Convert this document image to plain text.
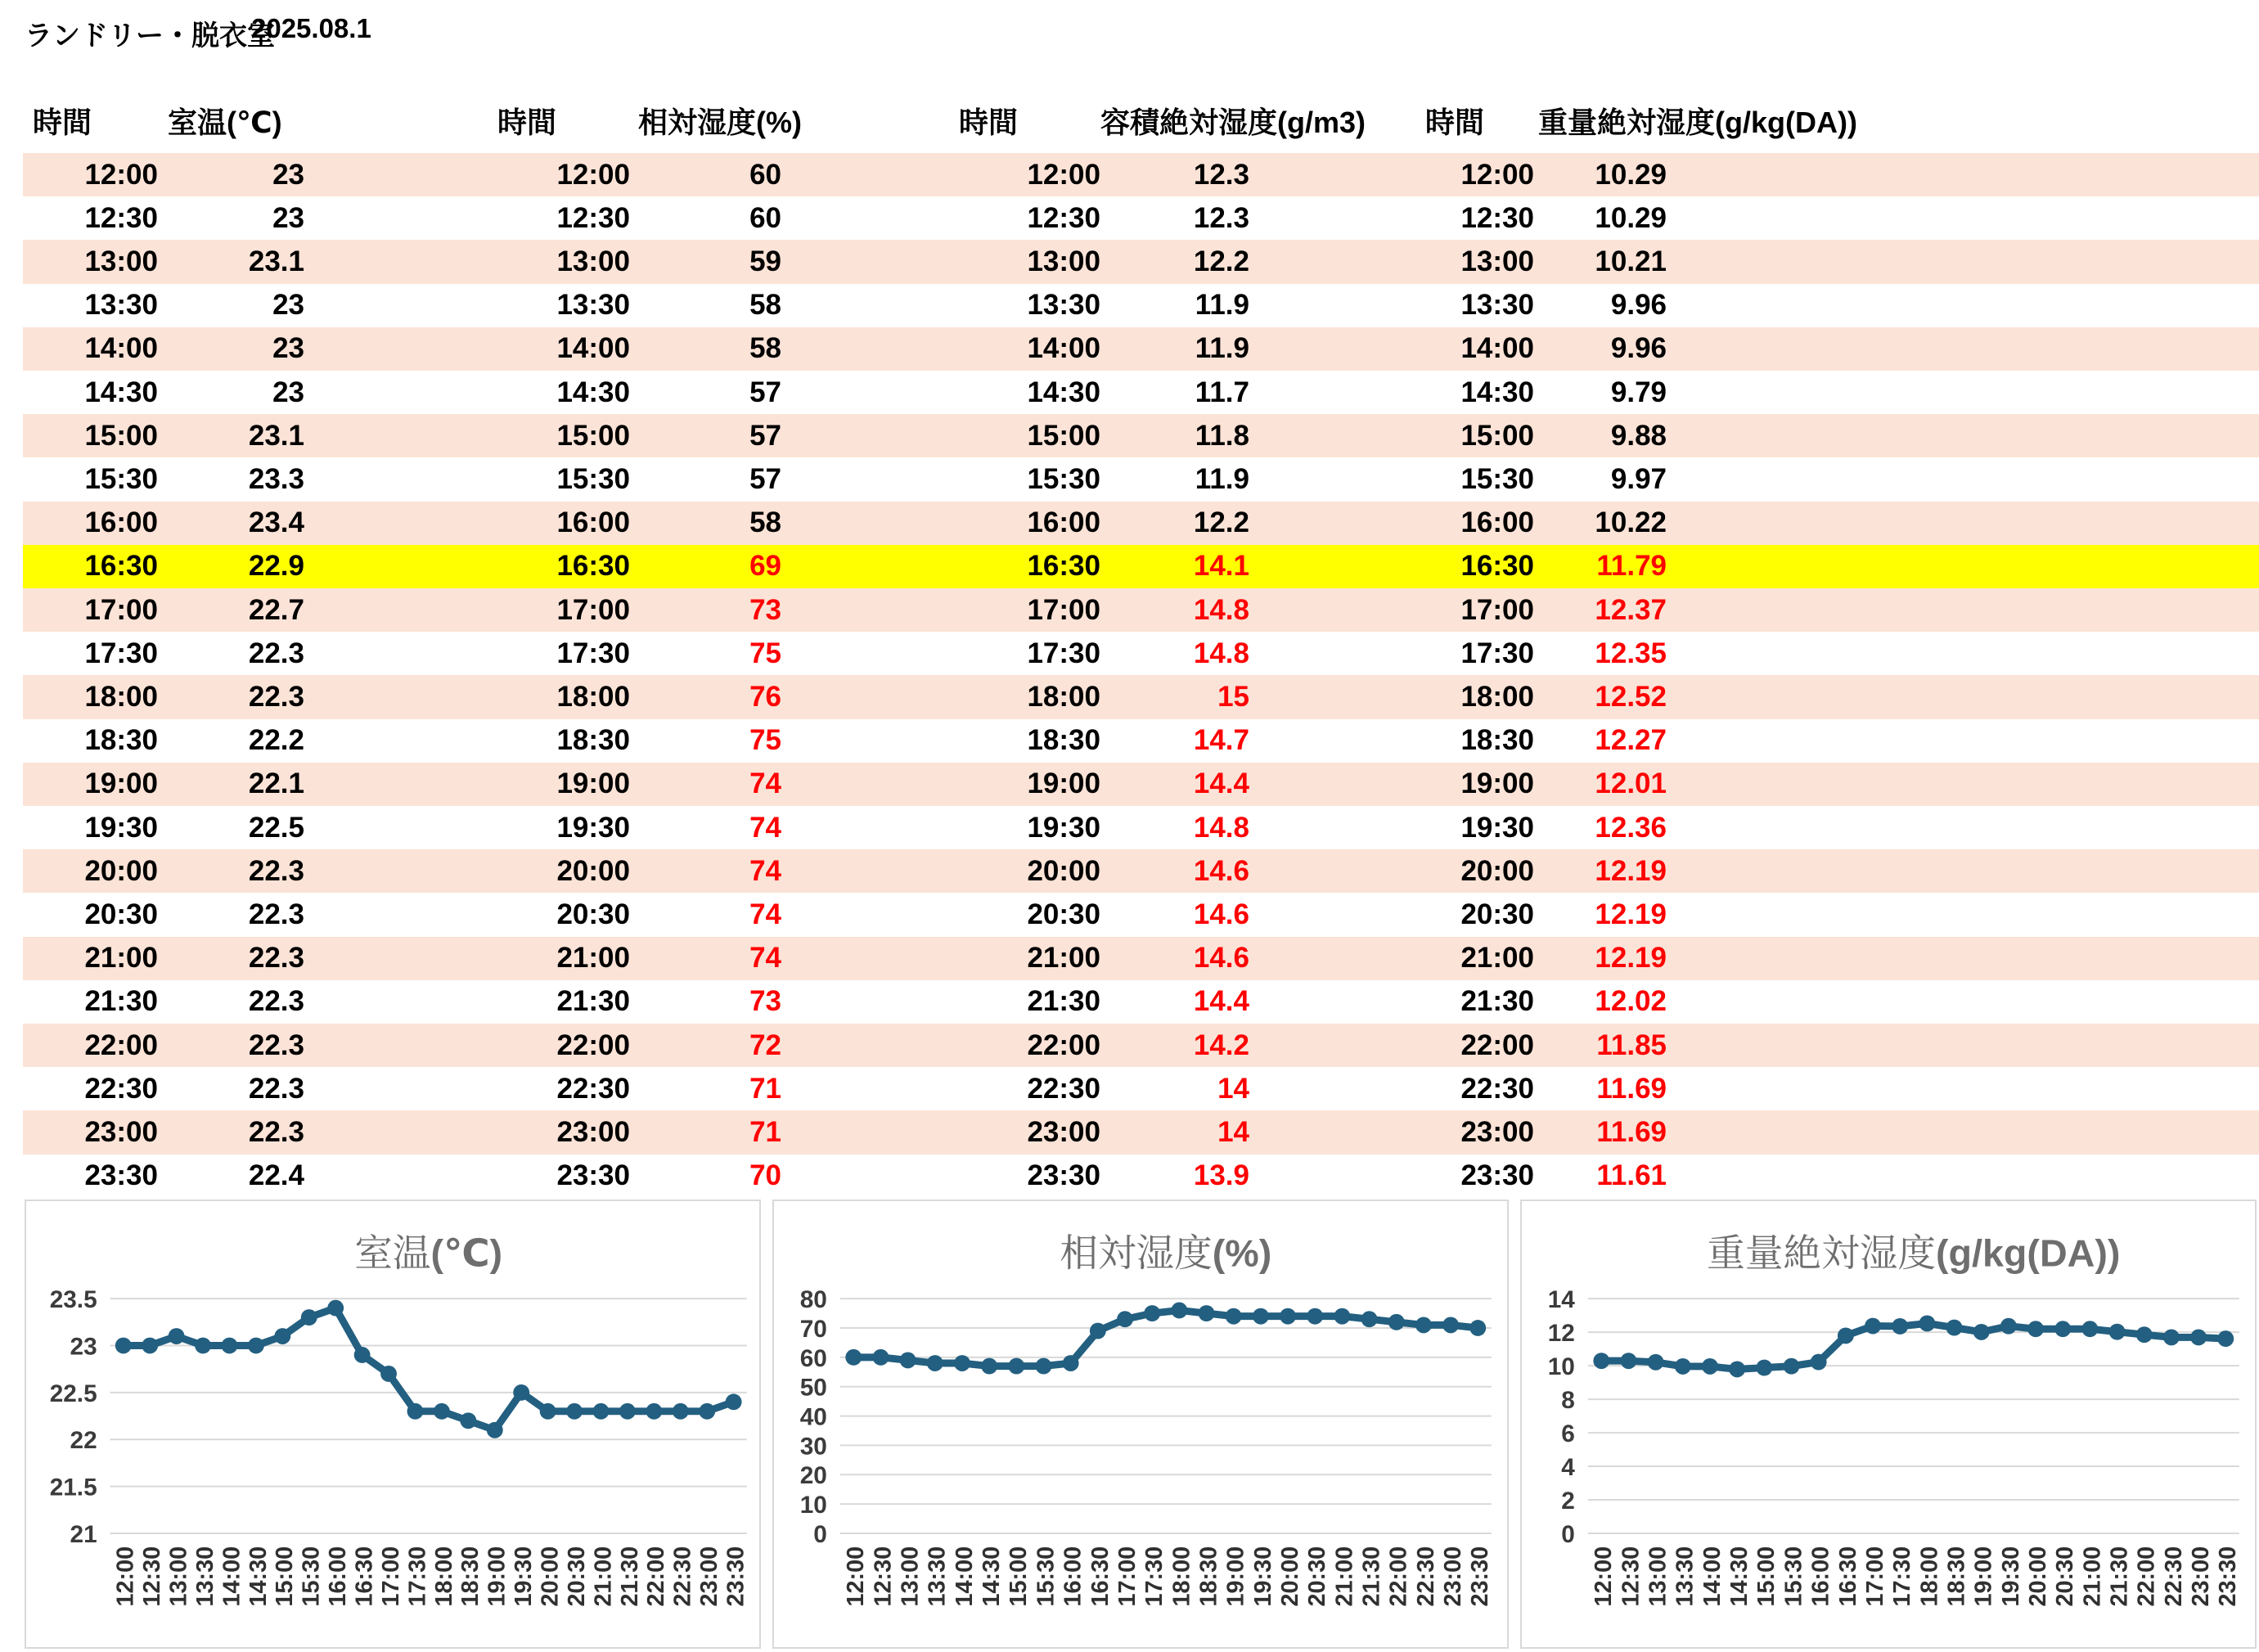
ランドリー・脱衣室
2025.08.1
時間	室温(℃)	時間	相対湿度(%)	時間	容積絶対湿度(g/m3) 時間 重量絶対湿度(g/kg(DA))
12:00	23	12:00	60	12:00	12.3	12:00 10.29
12:30	23	12:30	60	12:30	12.3	12:30 10.29
13:00	23.1	13:00	59	13:00	12.2	13:00 10.21
13:30	23	13:30	58	13:30	11.9	13:30	9.96
14:00	23	14:00	58	14:00	11.9	14:00	9.96
14:30	23	14:30	57	14:30	11.7	14:30	9.79
15:00	23.1	15:00	57	15:00	11.8	15:00	9.88
15:30	23.3	15:30	57	15:30	11.9	15:30	9.97
16:00	23.4	16:00	58	16:00	12.2	16:00 10.22
16:30	22.9	16:30	69	16:30	14.1	16:30 11.79
17:00	22.7	17:00	73	17:00	14.8	17:00 12.37
17:30	22.3	17:30	75	17:30	14.8	17:30 12.35
18:00	22.3	18:00	76	18:00	15	18:00 12.52
18:30	22.2	18:30	75	18:30	14.7	18:30 12.27
19:00	22.1	19:00	74	19:00	14.4	19:00 12.01
19:30	22.5	19:30	74	19:30	14.8	19:30 12.36
20:00	22.3	20:00	74	20:00	14.6	20:00 12.19
20:30	22.3	20:30	74	20:30	14.6	20:30 12.19
21:00	22.3	21:00	74	21:00	14.6	21:00 12.19
21:30	22.3	21:30	73	21:30	14.4	21:30 12.02
22:00	22.3	22:00	72	22:00	14.2	22:00 11.85
22:30	22.3	22:30	71	22:30	14	22:30 11.69
23:00	22.3	23:00	71	23:00	14	23:00 11.69
23:30	22.4	23:30	70	23:30	13.9	23:30 11.61
21
21.5
22
22.5
23
23.5
室温(℃)
12:00 12:30 13:00 13:30 14:00 14:30 15:00 15:30 16:00 16:30 17:00 17:30 18:00 18:30 19:00 19:30 20:00 20:30 21:00 21:30 22:00 22:30 23:00 23:30
0
10
20
30
40
50
60
70
80
相対湿度(%)
12:00 12:30 13:00 13:30 14:00 14:30 15:00 15:30 16:00 16:30 17:00 17:30 18:00 18:30 19:00 19:30 20:00 20:30 21:00 21:30 22:00 22:30 23:00 23:30
0
2
4
6
8
10
12
14
重量絶対湿度(g/kg(DA))
12:00 12:30 13:00 13:30 14:00 14:30 15:00 15:30 16:00 16:30 17:00 17:30 18:00 18:30 19:00 19:30 20:00 20:30 21:00 21:30 22:00 22:30 23:00 23:30
